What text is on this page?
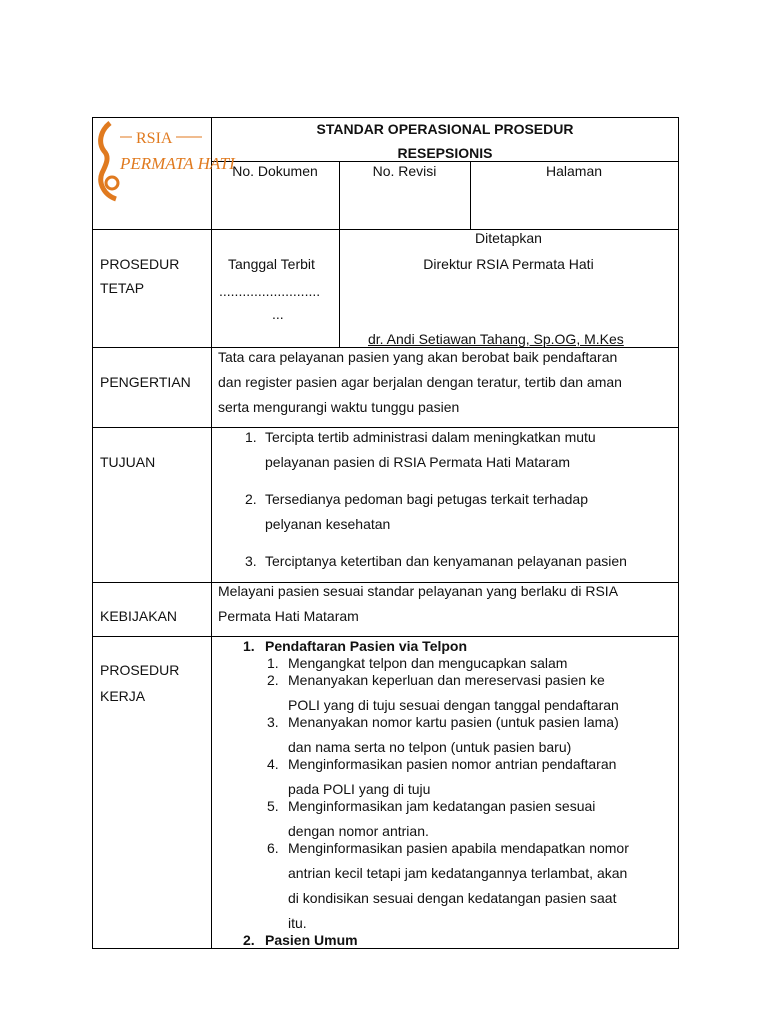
RSIA
PERMATA HATI
STANDAR OPERASIONAL PROSEDUR
RESEPSIONIS
No. Dokumen	No. Revisi	Halaman
PROSEDUR
TETAP
Tanggal Terbit
..........................
...
Ditetapkan
Direktur RSIA Permata Hati
dr. Andi Setiawan Tahang, Sp.OG, M.Kes
PENGERTIAN
Tata cara pelayanan pasien yang akan berobat baik pendaftaran
dan register pasien agar berjalan dengan teratur, tertib dan aman
serta mengurangi waktu tunggu pasien
TUJUAN
1. Tercipta tertib administrasi dalam meningkatkan mutu
pelayanan pasien di RSIA Permata Hati Mataram
2. Tersedianya pedoman bagi petugas terkait terhadap
pelyanan kesehatan
3. Terciptanya ketertiban dan kenyamanan pelayanan pasien
KEBIJAKAN
Melayani pasien sesuai standar pelayanan yang berlaku di RSIA
Permata Hati Mataram
PROSEDUR
KERJA
1. Pendaftaran Pasien via Telpon
1. Mengangkat telpon dan mengucapkan salam
2. Menanyakan keperluan dan mereservasi pasien ke
POLI yang di tuju sesuai dengan tanggal pendaftaran
3. Menanyakan nomor kartu pasien (untuk pasien lama)
dan nama serta no telpon (untuk pasien baru)
4. Menginformasikan pasien nomor antrian pendaftaran
pada POLI yang di tuju
5. Menginformasikan jam kedatangan pasien sesuai
dengan nomor antrian.
6. Menginformasikan pasien apabila mendapatkan nomor
antrian kecil tetapi jam kedatangannya terlambat, akan
di kondisikan sesuai dengan kedatangan pasien saat
itu.
2. Pasien Umum
